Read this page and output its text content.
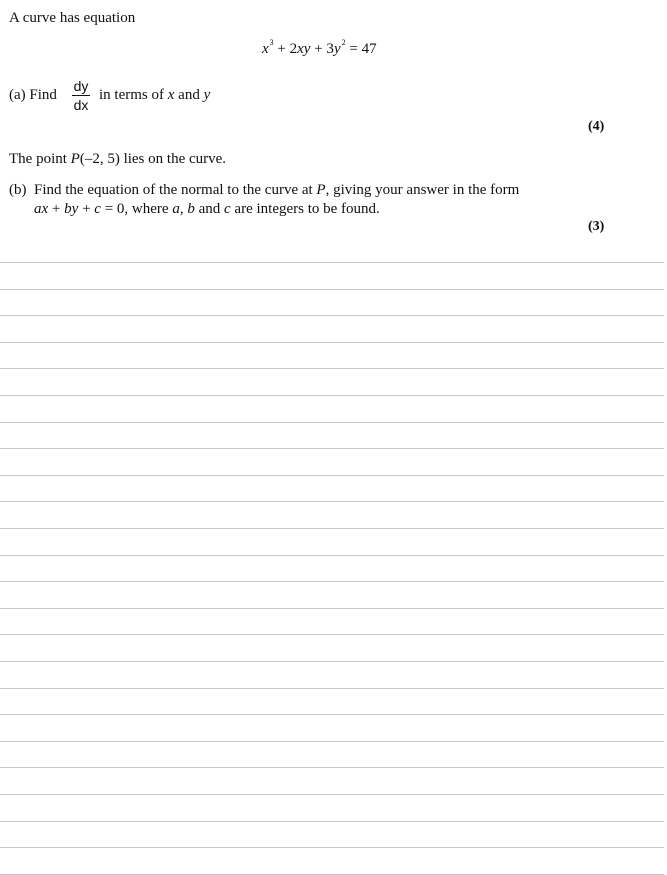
A curve has equation
$x^3 + 2xy + 3y^2 = 47$
(a) Find
dy
dx
in terms of x and y
(4)
The point P(–2, 5) lies on the curve.
(b) Find the equation of the normal to the curve at P, giving your answer in the form
ax + by + c = 0, where a, b and c are integers to be found.
(3)
